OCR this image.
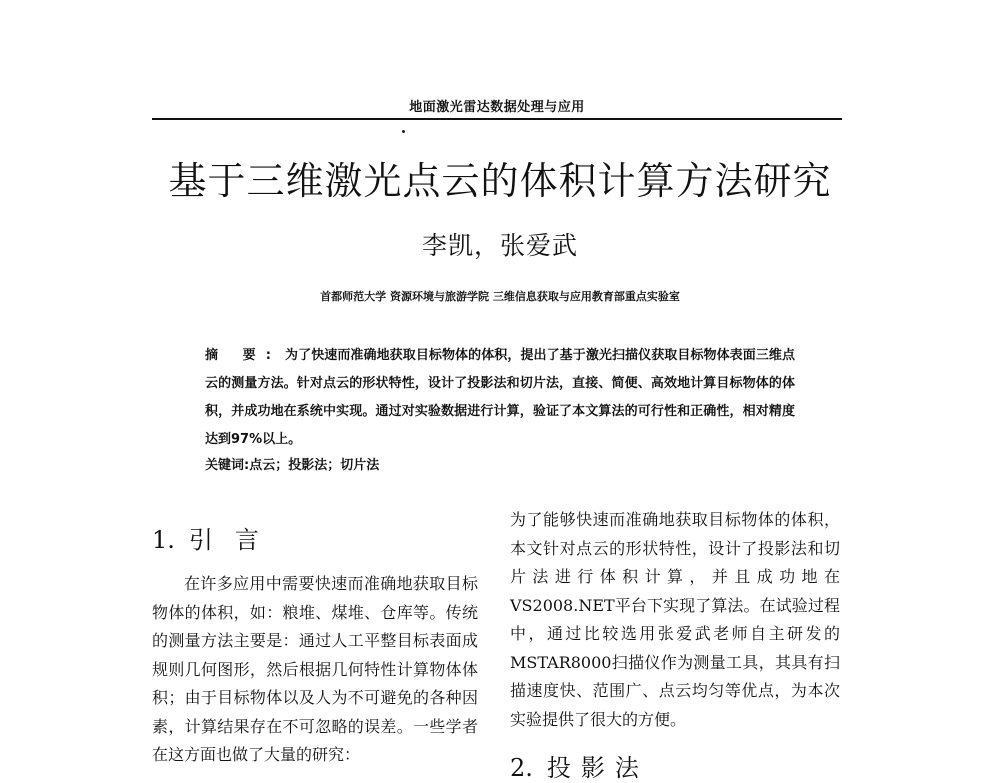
地面激光雷达数据处理与应用
基于三维激光点云的体积计算方法研究
李凯，张爱武
首都师范大学 资源环境与旅游学院 三维信息获取与应用教育部重点实验室
摘 要: 为了快速而准确地获取目标物体的体积，提出了基于激光扫描仪获取目标物体表面三维点云的测量方法。针对点云的形状特性，设计了投影法和切片法，直接、简便、高效地计算目标物体的体积，并成功地在系统中实现。通过对实验数据进行计算，验证了本文算法的可行性和正确性，相对精度达到97%以上。
关键词:点云；投影法；切片法
1. 引言
在许多应用中需要快速而准确地获取目标物体的体积，如：粮堆、煤堆、仓库等。传统的测量方法主要是：通过人工平整目标表面成规则几何图形，然后根据几何特性计算物体体积；由于目标物体以及人为不可避免的各种因素，计算结果存在不可忽略的误差。一些学者在这方面也做了大量的研究：
为了能够快速而准确地获取目标物体的体积，本文针对点云的形状特性，设计了投影法和切片法进行体积计算，并且成功地在VS2008.NET平台下实现了算法。在试验过程中，通过比较选用张爱武老师自主研发的MSTAR8000扫描仪作为测量工具，其具有扫描速度快、范围广、点云均匀等优点，为本次实验提供了很大的方便。
2. 投影法
